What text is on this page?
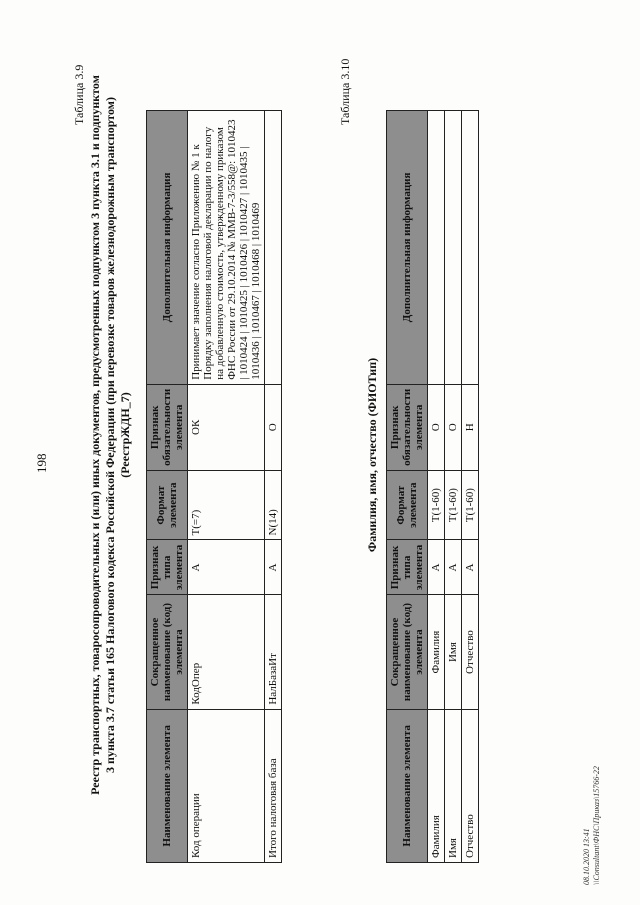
198
Таблица 3.9 Реестр транспортных, товаросопроводительных и (или) иных документов, предусмотренных подпунктом 3 пункта 3.1 и подпунктом 3 пункта 3.7 статьи 165 Налогового кодекса Российской Федерации (при перевозке товаров железнодорожным транспортом) (РеестрЖДН_7)
Наименование элемента	Сокращенное наименование (код) элемента	Признак типа элемента	Формат элемента	Признак обязательности элемента	Дополнительная информация
Код операции	КодОпер	А	T(=7)	ОК	Принимает значение согласно Приложению № 1 к Порядку заполнения налоговой декларации по налогу на добавленную стоимость, утвержденному приказом ФНС России от 29.10.2014 № ММВ-7-3/558@: 1010423 | 1010424 | 1010425 | 1010426 | 1010427 | 1010435 | 1010436 | 1010467 | 1010468 | 1010469
Итого налоговая база	НалБазаИт	А	N(14)	О	
Таблица 3.10
Фамилия, имя, отчество (ФИОТип)
Наименование элемента	Сокращенное наименование (код) элемента	Признак типа элемента	Формат элемента	Признак обязательности элемента	Дополнительная информация
Фамилия	Фамилия	А	T(1-60)	О	
Имя	Имя	А	T(1-60)	О	
Отчество	Отчество	А	T(1-60)	Н	
08.10.2020 13:41 \\Consultant\ФНС\Приказ\15766-22
